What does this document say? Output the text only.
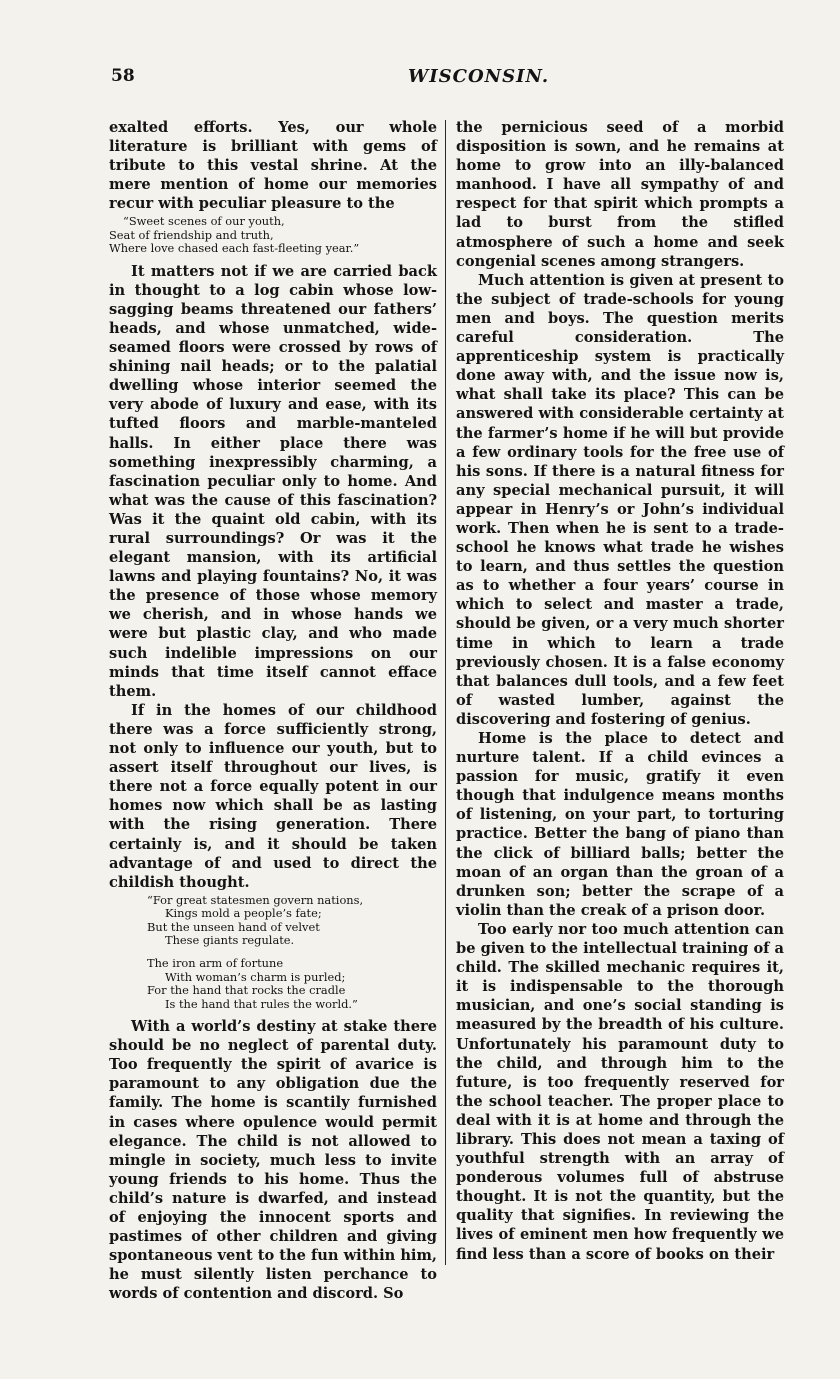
58	WISCONSIN.

exalted efforts. Yes, our whole literature is brilliant with gems of tribute to this vestal shrine. At the mere mention of home our memories recur with peculiar pleasure to the

“Sweet scenes of our youth,
Seat of friendship and truth,
Where love chased each fast-fleeting year.”

It matters not if we are carried back in thought to a log cabin whose low-sagging beams threatened our fathers’ heads, and whose unmatched, wide-seamed floors were crossed by rows of shining nail heads; or to the palatial dwelling whose interior seemed the very abode of luxury and ease, with its tufted floors and marble-manteled halls. In either place there was something inexpressibly charming, a fascination peculiar only to home. And what was the cause of this fascination? Was it the quaint old cabin, with its rural surroundings? Or was it the elegant mansion, with its artificial lawns and playing fountains? No, it was the presence of those whose memory we cherish, and in whose hands we were but plastic clay, and who made such indelible impressions on our minds that time itself cannot efface them.

If in the homes of our childhood there was a force sufficiently strong, not only to influence our youth, but to assert itself throughout our lives, is there not a force equally potent in our homes now which shall be as lasting with the rising generation. There certainly is, and it should be taken advantage of and used to direct the childish thought.

“For great statesmen govern nations,
Kings mold a people’s fate;
But the unseen hand of velvet
These giants regulate.
The iron arm of fortune
With woman’s charm is purled;
For the hand that rocks the cradle
Is the hand that rules the world.”

With a world’s destiny at stake there should be no neglect of parental duty. Too frequently the spirit of avarice is paramount to any obligation due the family. The home is scantily furnished in cases where opulence would permit elegance. The child is not allowed to mingle in society, much less to invite young friends to his home. Thus the child’s nature is dwarfed, and instead of enjoying the innocent sports and pastimes of other children and giving spontaneous vent to the fun within him, he must silently listen perchance to words of contention and discord. So

the pernicious seed of a morbid disposition is sown, and he remains at home to grow into an illy-balanced manhood. I have all sympathy of and respect for that spirit which prompts a lad to burst from the stifled atmosphere of such a home and seek congenial scenes among strangers.

Much attention is given at present to the subject of trade-schools for young men and boys. The question merits careful consideration. The apprenticeship system is practically done away with, and the issue now is, what shall take its place? This can be answered with considerable certainty at the farmer’s home if he will but provide a few ordinary tools for the free use of his sons. If there is a natural fitness for any special mechanical pursuit, it will appear in Henry’s or John’s individual work. Then when he is sent to a trade-school he knows what trade he wishes to learn, and thus settles the question as to whether a four years’ course in which to select and master a trade, should be given, or a very much shorter time in which to learn a trade previously chosen. It is a false economy that balances dull tools, and a few feet of wasted lumber, against the discovering and fostering of genius.

Home is the place to detect and nurture talent. If a child evinces a passion for music, gratify it even though that indulgence means months of listening, on your part, to torturing practice. Better the bang of piano than the click of billiard balls; better the moan of an organ than the groan of a drunken son; better the scrape of a violin than the creak of a prison door.

Too early nor too much attention can be given to the intellectual training of a child. The skilled mechanic requires it, it is indispensable to the thorough musician, and one’s social standing is measured by the breadth of his culture. Unfortunately his paramount duty to the child, and through him to the future, is too frequently reserved for the school teacher. The proper place to deal with it is at home and through the library. This does not mean a taxing of youthful strength with an array of ponderous volumes full of abstruse thought. It is not the quantity, but the quality that signifies. In reviewing the lives of eminent men how frequently we find less than a score of books on their
